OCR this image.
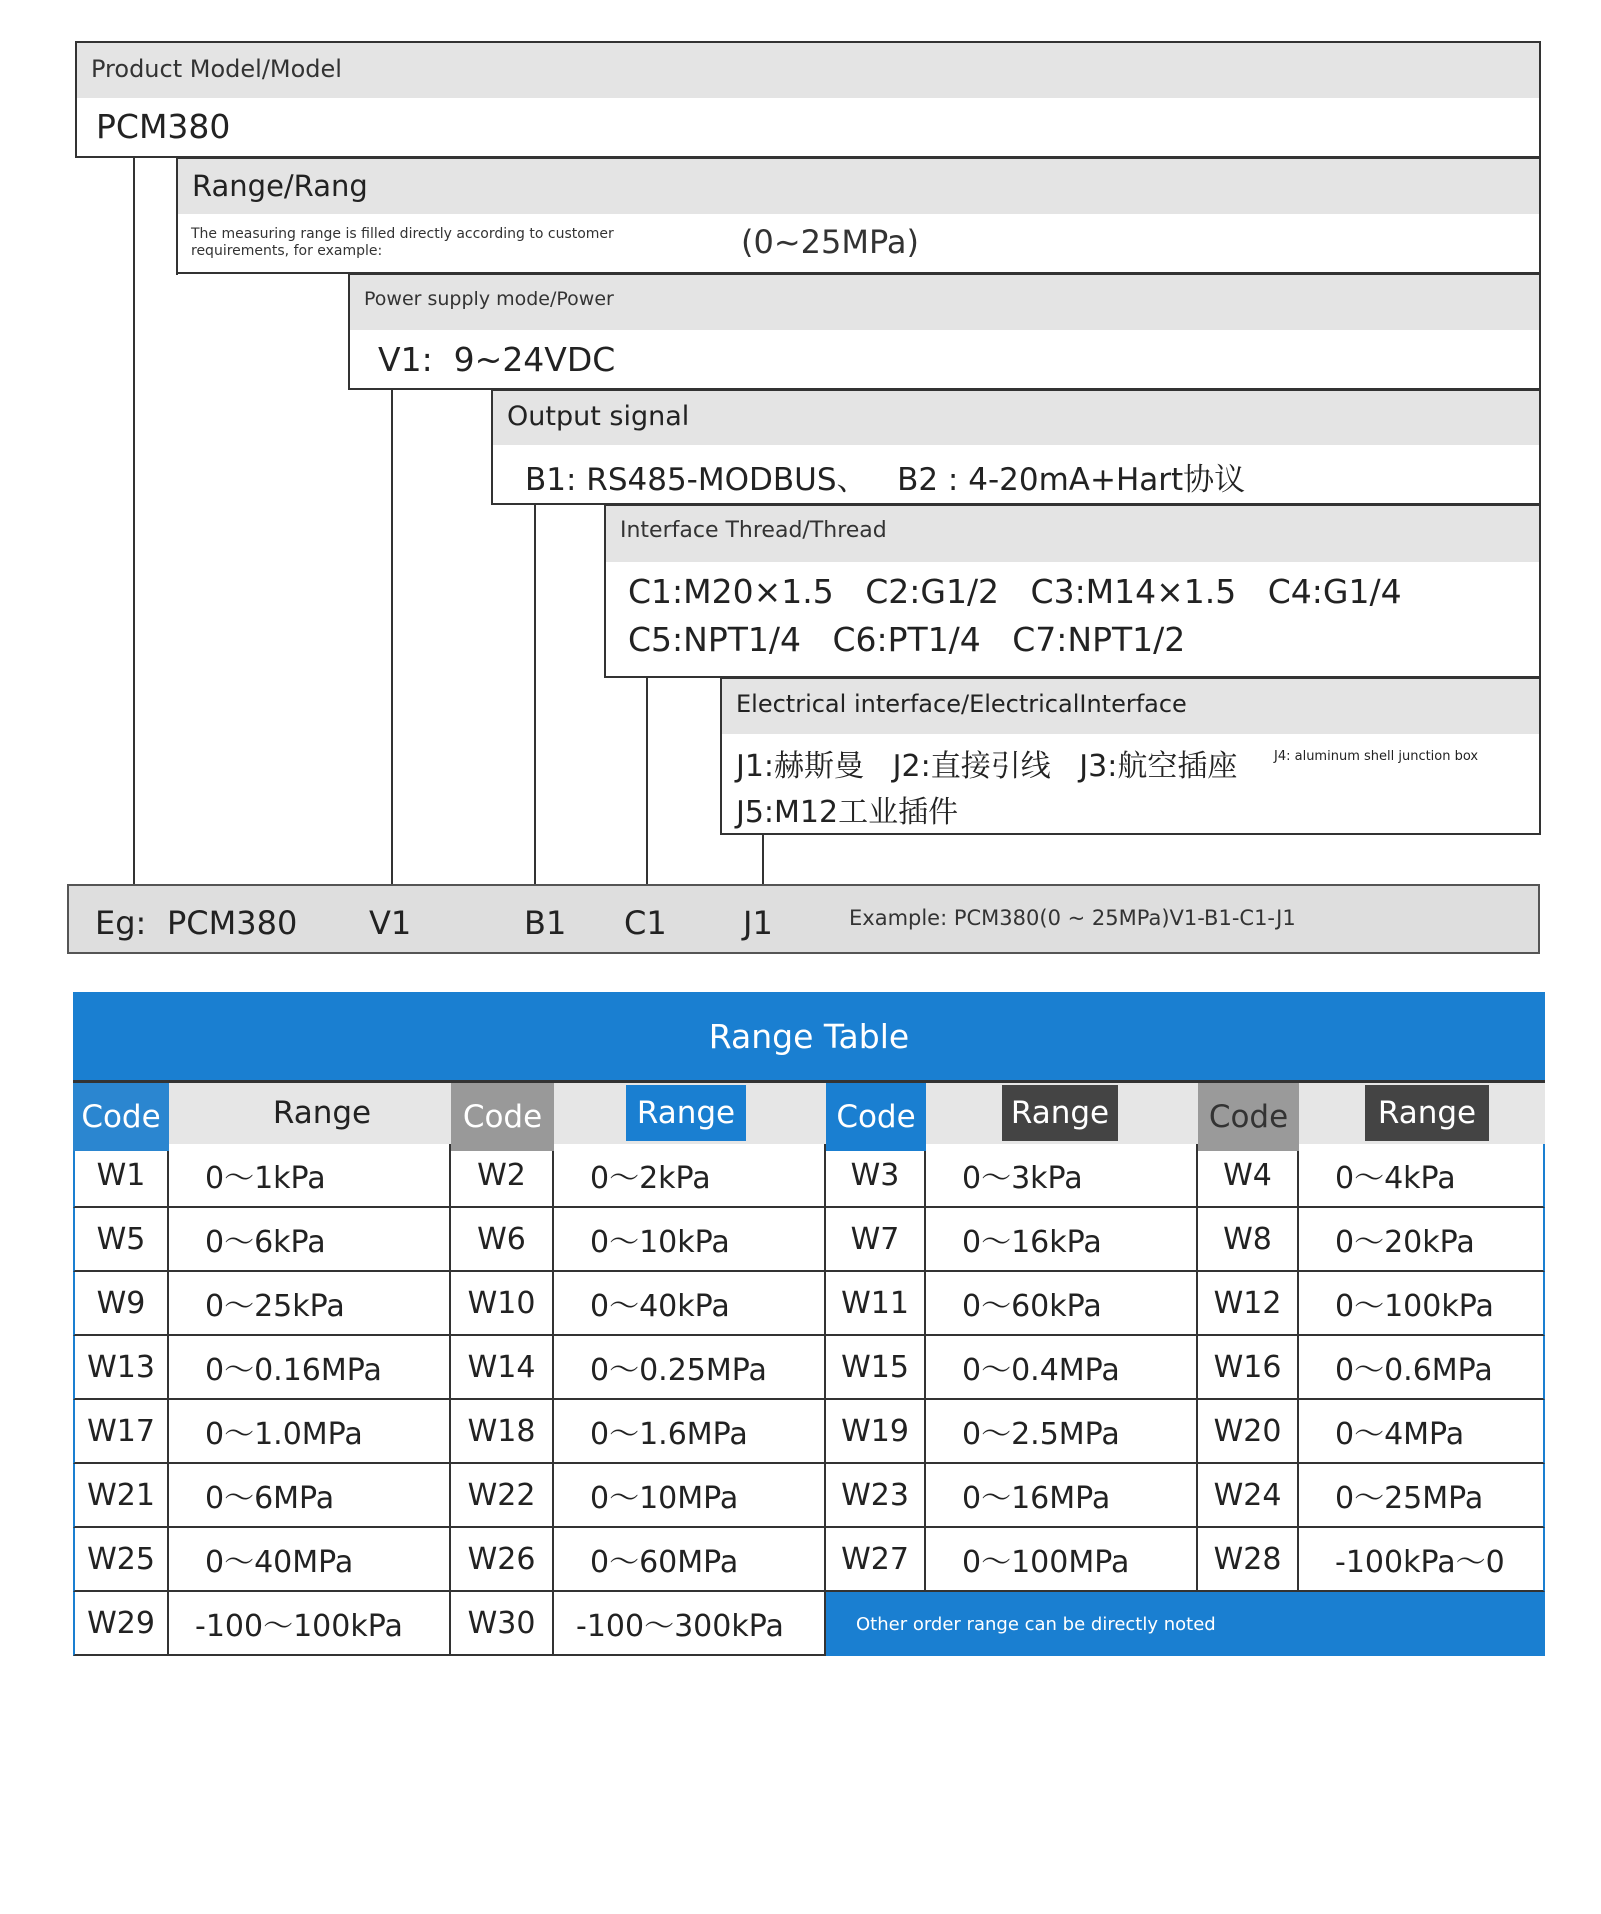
Product Model/Model
PCM380
Range/Rang
The measuring range is filled directly according to customer requirements, for example:	(0~25MPa)
Power supply mode/Power
V1:  9~24VDC
Output signal
B1: RS485-MODBUS、   B2 : 4-20mA+Hart协议
Interface Thread/Thread
C1:M20×1.5   C2:G1/2   C3:M14×1.5   C4:G1/4
C5:NPT1/4   C6:PT1/4   C7:NPT1/2
Electrical interface/ElectricalInterface
J1:赫斯曼   J2:直接引线   J3:航空插座	J4: aluminum shell junction box
J5:M12工业插件
Eg: PCM380 V1	B1 C1 J1	Example: PCM380(0 ~ 25MPa)V1-B1-C1-J1
Range Table
Code	Range	Code	Range	Code	Range	Code	Range
W1	0～1kPa	W2	0～2kPa	W3	0～3kPa	W4	0～4kPa
W5	0～6kPa	W6	0～10kPa	W7	0～16kPa	W8	0～20kPa
W9	0～25kPa	W10	0～40kPa	W11	0～60kPa	W12	0～100kPa
W13	0～0.16MPa	W14	0～0.25MPa	W15	0～0.4MPa	W16	0～0.6MPa
W17	0～1.0MPa	W18	0～1.6MPa	W19	0～2.5MPa	W20	0～4MPa
W21	0～6MPa	W22	0～10MPa	W23	0～16MPa	W24	0～25MPa
W25	0～40MPa	W26	0～60MPa	W27	0～100MPa	W28	-100kPa～0
W29	-100～100kPa	W30	-100～300kPa	Other order range can be directly noted
